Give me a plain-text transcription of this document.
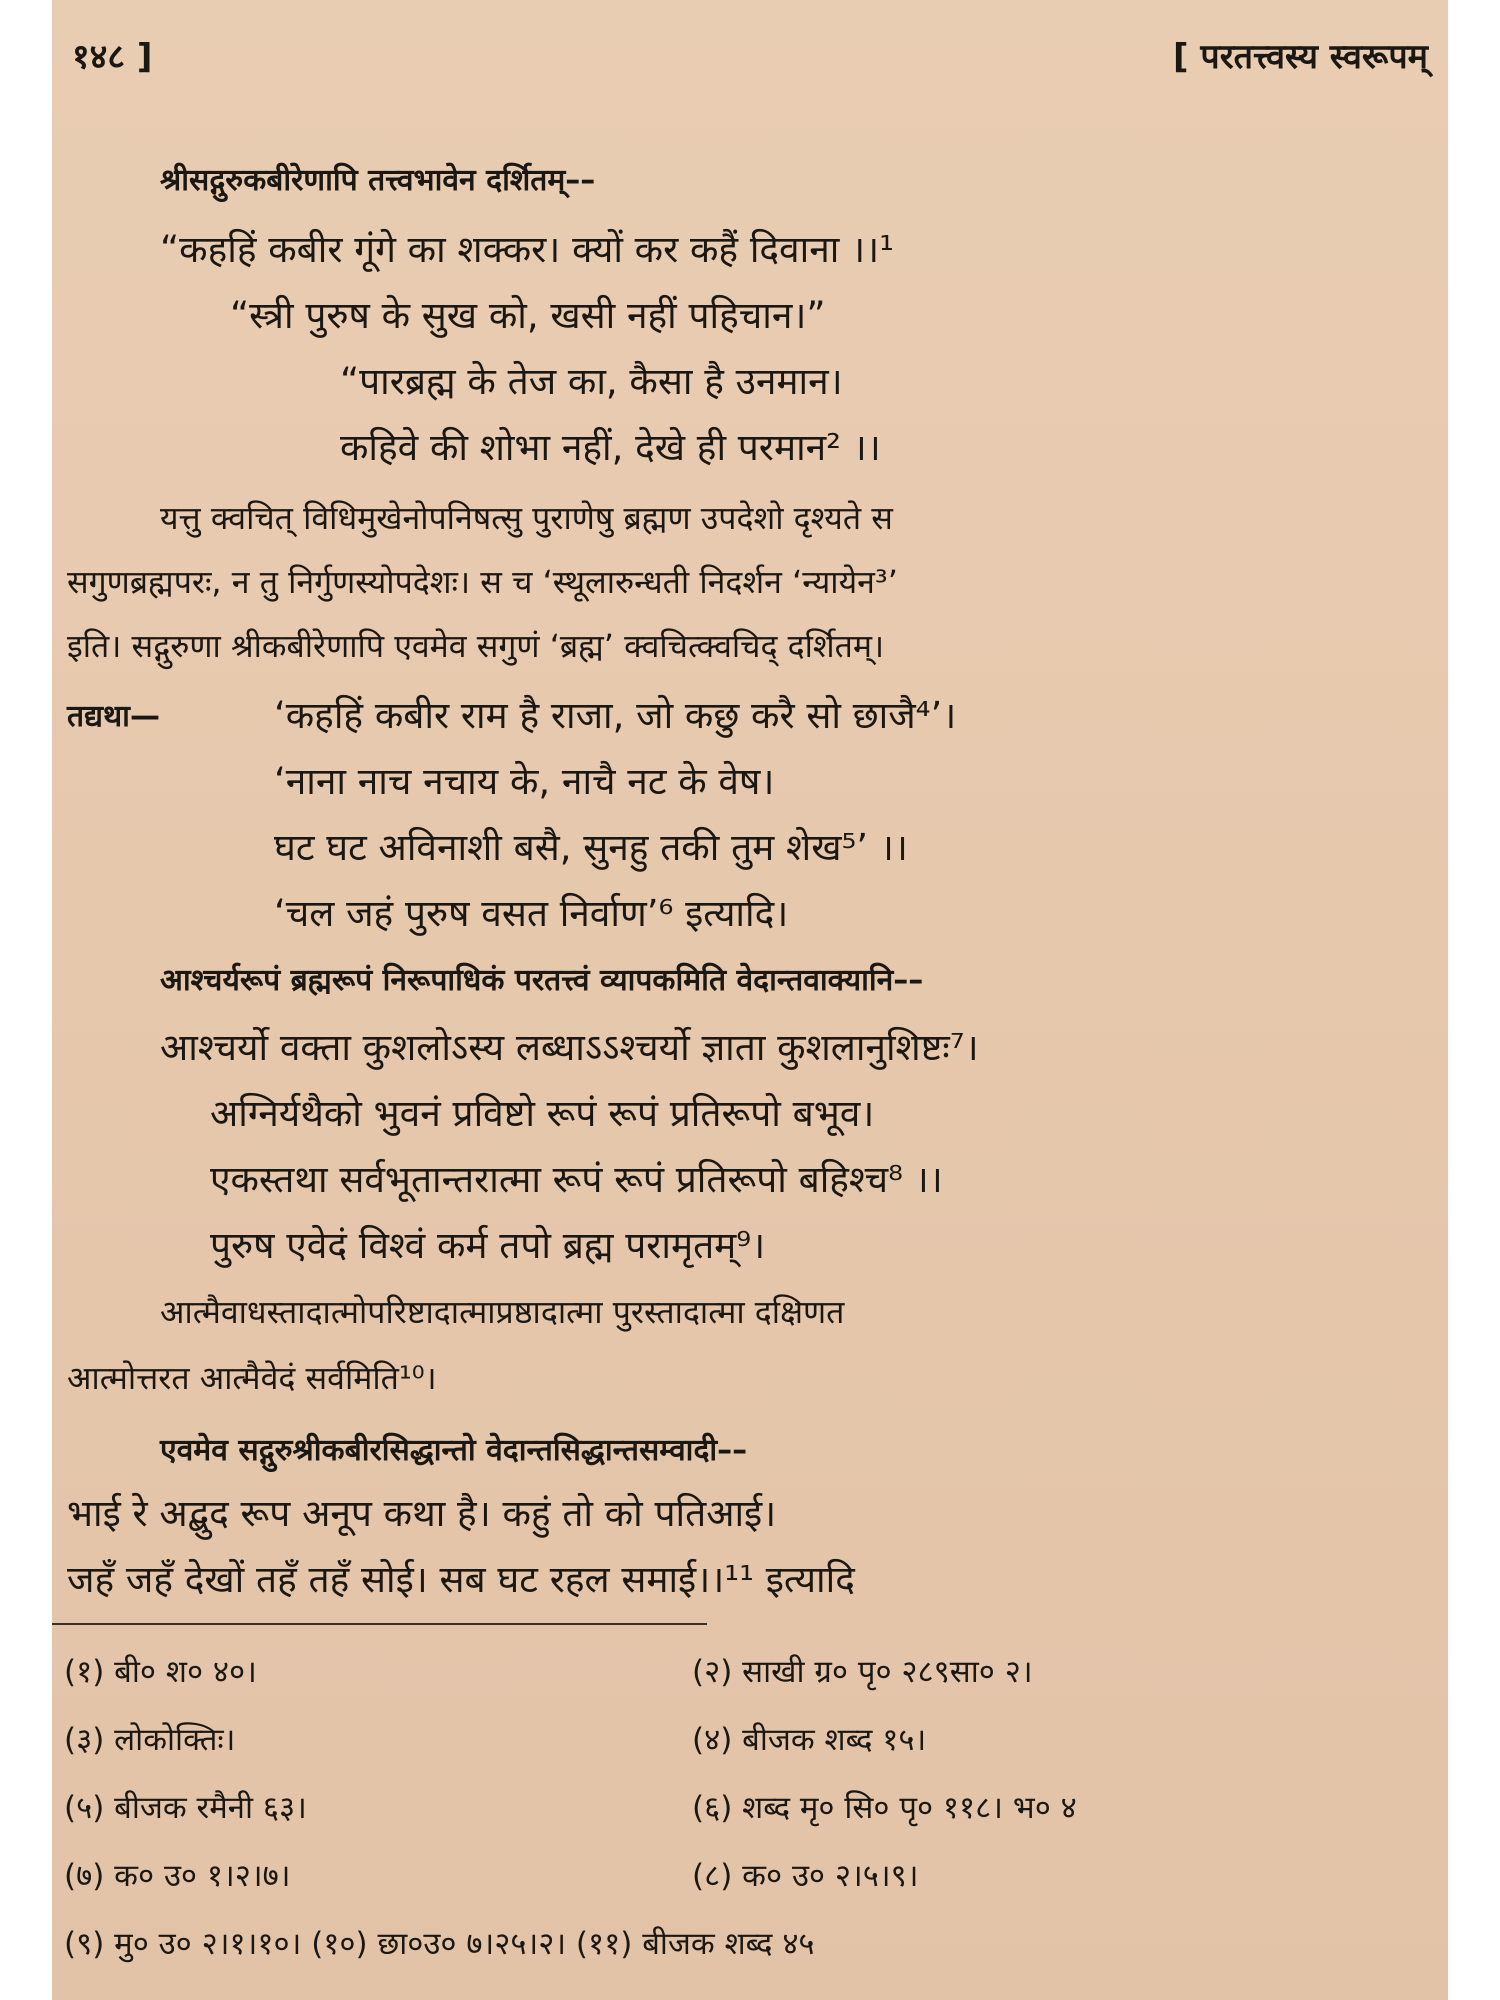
१४८ ]	[ परतत्त्वस्य स्वरूपम्
श्रीसद्गुरुकबीरेणापि तत्त्वभावेन दर्शितम्––
“कहहिं कबीर गूंगे का शक्कर। क्यों कर कहैं दिवाना ।।¹
“स्त्री पुरुष के सुख को, खसी नहीं पहिचान।”
“पारब्रह्म के तेज का, कैसा है उनमान।
कहिवे की शोभा नहीं, देखे ही परमान² ।।
यत्तु क्वचित् विधिमुखेनोपनिषत्सु पुराणेषु ब्रह्मण उपदेशो दृश्यते स
सगुणब्रह्मपरः, न तु निर्गुणस्योपदेशः। स च ‘स्थूलारुन्धती निदर्शन ‘न्यायेन³’
इति। सद्गुरुणा श्रीकबीरेणापि एवमेव सगुणं ‘ब्रह्म’ क्वचित्क्वचिद् दर्शितम्।
तद्यथा—	‘कहहिं कबीर राम है राजा, जो कछु करै सो छाजै⁴’।
‘नाना नाच नचाय के, नाचै नट के वेष।
घट घट अविनाशी बसै, सुनहु तकी तुम शेख⁵’ ।।
‘चल जहं पुरुष वसत निर्वाण’⁶ इत्यादि।
आश्चर्यरूपं ब्रह्मरूपं निरूपाधिकं परतत्त्वं व्यापकमिति वेदान्तवाक्यानि––
आश्चर्यो वक्ता कुशलोऽस्य लब्धाऽऽश्चर्यो ज्ञाता कुशलानुशिष्टः⁷।
अग्निर्यथैको भुवनं प्रविष्टो रूपं रूपं प्रतिरूपो बभूव।
एकस्तथा सर्वभूतान्तरात्मा रूपं रूपं प्रतिरूपो बहिश्च⁸ ।।
पुरुष एवेदं विश्वं कर्म तपो ब्रह्म परामृतम्⁹।
आत्मैवाधस्तादात्मोपरिष्टादात्माप्रष्ठादात्मा पुरस्तादात्मा दक्षिणत
आत्मोत्तरत आत्मैवेदं सर्वमिति¹⁰।
एवमेव सद्गुरुश्रीकबीरसिद्धान्तो वेदान्तसिद्धान्तसम्वादी––
भाई रे अद्बुद रूप अनूप कथा है। कहुं तो को पतिआई।
जहँ जहँ देखों तहँ तहँ सोई। सब घट रहल समाई।।¹¹ इत्यादि
(१) बी० श० ४०।	(२) साखी ग्र० पृ० २८९सा० २।
(३) लोकोक्तिः।	(४) बीजक शब्द १५।
(५) बीजक रमैनी ६३।	(६) शब्द मृ० सि० पृ० ११८। भ० ४
(७) क० उ० १।२।७।	(८) क० उ० २।५।९।
(९) मु० उ० २।१।१०। (१०) छा०उ० ७।२५।२। (११) बीजक शब्द ४५
